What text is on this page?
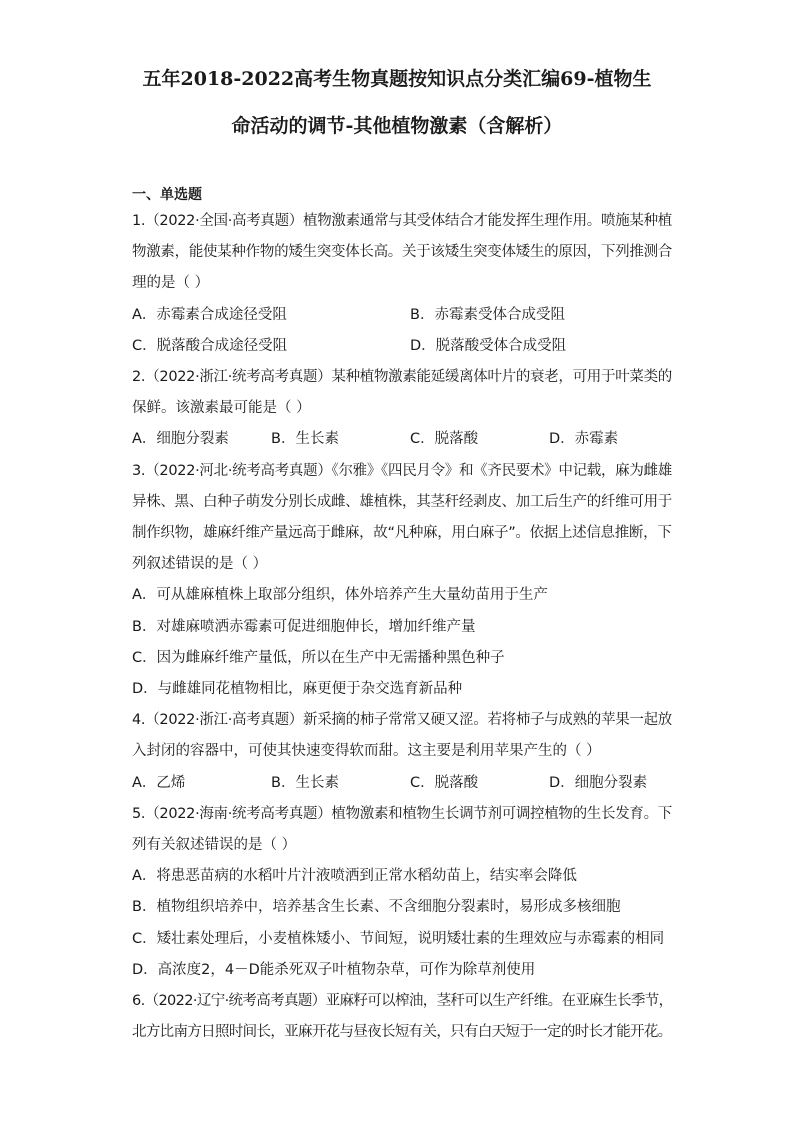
五年2018-2022高考生物真题按知识点分类汇编69-植物生
命活动的调节-其他植物激素（含解析）
一、单选题
1.（2022·全国·高考真题）植物激素通常与其受体结合才能发挥生理作用。喷施某种植
物激素，能使某种作物的矮生突变体长高。关于该矮生突变体矮生的原因，下列推测合
理的是（ ）
A．赤霉素合成途径受阻	B．赤霉素受体合成受阻
C．脱落酸合成途径受阻	D．脱落酸受体合成受阻
2.（2022·浙江·统考高考真题）某种植物激素能延缓离体叶片的衰老，可用于叶菜类的
保鲜。该激素最可能是（ ）
A．细胞分裂素	B．生长素	C．脱落酸	D．赤霉素
3.（2022·河北·统考高考真题）《尔雅》《四民月令》和《齐民要术》中记载，麻为雌雄
异株、黑、白种子萌发分别长成雌、雄植株，其茎秆经剥皮、加工后生产的纤维可用于
制作织物，雄麻纤维产量远高于雌麻，故“凡种麻，用白麻子”。依据上述信息推断，下
列叙述错误的是（ ）
A．可从雄麻植株上取部分组织，体外培养产生大量幼苗用于生产
B．对雄麻喷洒赤霉素可促进细胞伸长，增加纤维产量
C．因为雌麻纤维产量低，所以在生产中无需播种黑色种子
D．与雌雄同花植物相比，麻更便于杂交选育新品种
4.（2022·浙江·高考真题）新采摘的柿子常常又硬又涩。若将柿子与成熟的苹果一起放
入封闭的容器中，可使其快速变得软而甜。这主要是利用苹果产生的（ ）
A．乙烯	B．生长素	C．脱落酸	D．细胞分裂素
5.（2022·海南·统考高考真题）植物激素和植物生长调节剂可调控植物的生长发育。下
列有关叙述错误的是（ ）
A．将患恶苗病的水稻叶片汁液喷洒到正常水稻幼苗上，结实率会降低
B．植物组织培养中，培养基含生长素、不含细胞分裂素时，易形成多核细胞
C．矮壮素处理后，小麦植株矮小、节间短，说明矮壮素的生理效应与赤霉素的相同
D．高浓度2，4－D能杀死双子叶植物杂草，可作为除草剂使用
6.（2022·辽宁·统考高考真题）亚麻籽可以榨油，茎秆可以生产纤维。在亚麻生长季节，
北方比南方日照时间长，亚麻开花与昼夜长短有关，只有白天短于一定的时长才能开花。
